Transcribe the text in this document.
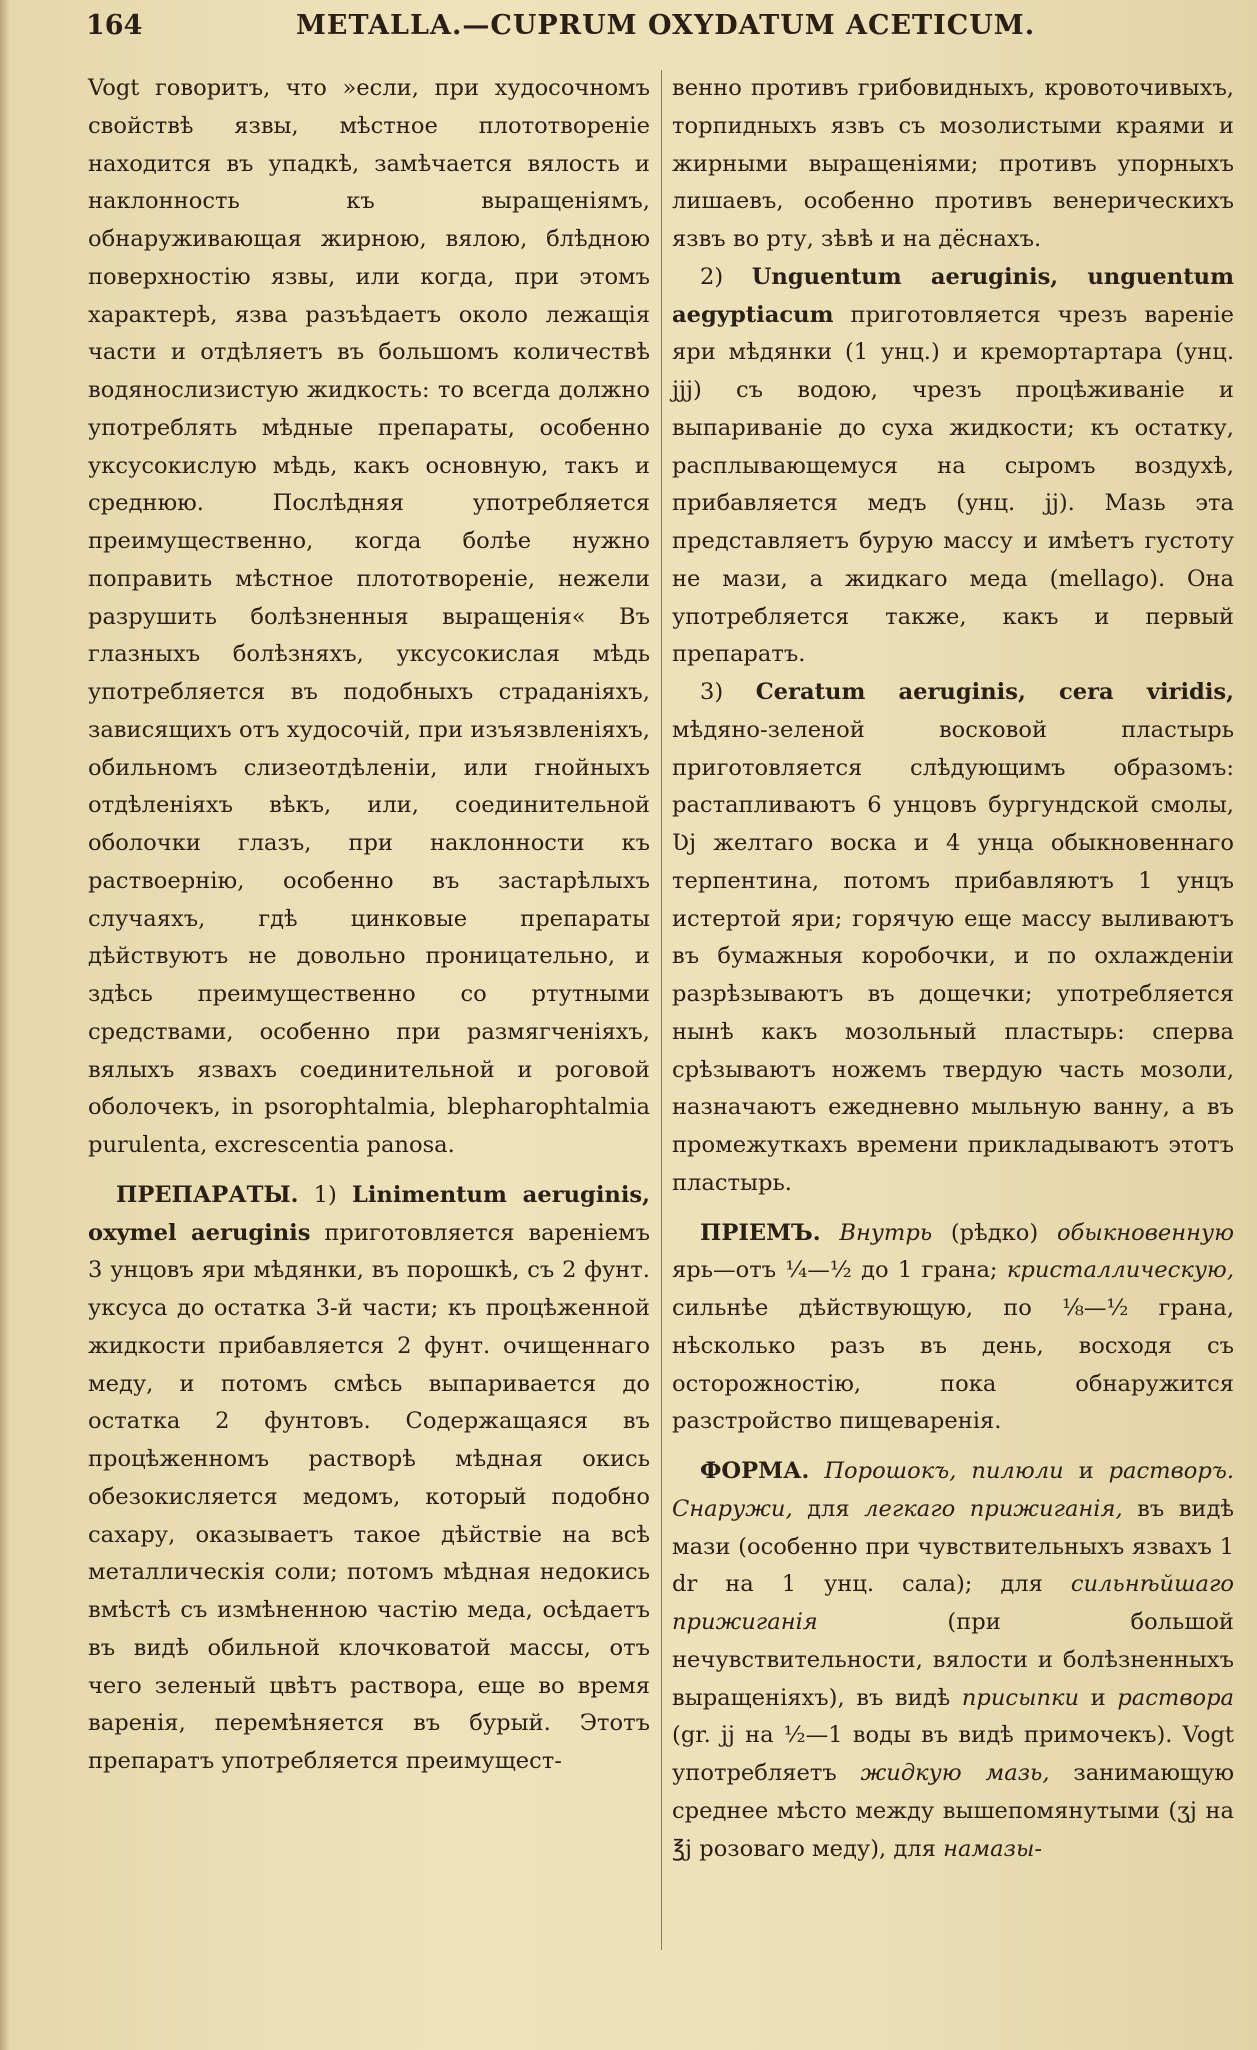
164	METALLA.—CUPRUM OXYDATUM ACETICUM.

Vogt говоритъ, что »если, при худосочномъ свойствѣ язвы, мѣстное плототвореніе находится въ упадкѣ, замѣчается вялость и наклонность къ выращеніямъ, обнаруживающая жирною, вялою, блѣдною поверхностію язвы, или когда, при этомъ характерѣ, язва разъѣдаетъ около лежащія части и отдѣляетъ въ большомъ количествѣ водянослизистую жидкость: то всегда должно употреблять мѣдные препараты, особенно уксусокислую мѣдь, какъ основную, такъ и среднюю. Послѣдняя употребляется преимущественно, когда болѣе нужно поправить мѣстное плототвореніе, нежели разрушить болѣзненныя выращенія« Въ глазныхъ болѣзняхъ, уксусокислая мѣдь употребляется въ подобныхъ страданіяхъ, зависящихъ отъ худосочій, при изъязвленіяхъ, обильномъ слизеотдѣленіи, или гнойныхъ отдѣленіяхъ вѣкъ, или, соединительной оболочки глазъ, при наклонности къ раствоернію, особенно въ застарѣлыхъ случаяхъ, гдѣ цинковые препараты дѣйствуютъ не довольно проницательно, и здѣсь преимущественно со ртутными средствами, особенно при размягченіяхъ, вялыхъ язвахъ соединительной и роговой оболочекъ, in psorophtalmia, blepharophtalmia purulenta, excrescentia panosa.

ПРЕПАРАТЫ. 1) Linimentum aeruginis, oxymel aeruginis приготовляется вареніемъ 3 унцовъ яри мѣдянки, въ порошкѣ, съ 2 фунт. уксуса до остатка 3-й части; къ процѣженной жидкости прибавляется 2 фунт. очищеннаго меду, и потомъ смѣсь выпаривается до остатка 2 фунтовъ. Содержащаяся въ процѣженномъ растворѣ мѣдная окись обезокисляется медомъ, который подобно сахару, оказываетъ такое дѣйствіе на всѣ металлическія соли; потомъ мѣдная недокись вмѣстѣ съ измѣненною частію меда, осѣдаетъ въ видѣ обильной клочковатой массы, отъ чего зеленый цвѣтъ раствора, еще во время варенія, перемѣняется въ бурый. Этотъ препаратъ употребляется преимущест-

венно противъ грибовидныхъ, кровоточивыхъ, торпидныхъ язвъ съ мозолистыми краями и жирными выращеніями; противъ упорныхъ лишаевъ, особенно противъ венерическихъ язвъ во рту, зѣвѣ и на дёснахъ.

2) Unguentum aeruginis, unguentum aegyptiacum приготовляется чрезъ вареніе яри мѣдянки (1 унц.) и кремортартара (унц. jjj) съ водою, чрезъ процѣживаніе и выпариваніе до суха жидкости; къ остатку, расплывающемуся на сыромъ воздухѣ, прибавляется медъ (унц. jj). Мазь эта представляетъ бурую массу и имѣетъ густоту не мази, а жидкаго меда (mellago). Она употребляется также, какъ и первый препаратъ.

3) Ceratum aeruginis, cera viridis, мѣдяно-зеленой восковой пластырь приготовляется слѣдующимъ образомъ: растапливаютъ 6 унцовъ бургундской смолы, Ʋj желтаго воска и 4 унца обыкновеннаго терпентина, потомъ прибавляютъ 1 унцъ истертой яри; горячую еще массу выливаютъ въ бумажныя коробочки, и по охлажденіи разрѣзываютъ въ дощечки; употребляется нынѣ какъ мозольный пластырь: сперва срѣзываютъ ножемъ твердую часть мозоли, назначаютъ ежедневно мыльную ванну, а въ промежуткахъ времени прикладываютъ этотъ пластырь.

ПРІЕМЪ. Внутрь (рѣдко) обыкновенную ярь—отъ ¼—½ до 1 грана; кристаллическую, сильнѣе дѣйствующую, по ⅛—½ грана, нѣсколько разъ въ день, восходя съ осторожностію, пока обнаружится разстройство пищеваренія.

ФОРМА. Порошокъ, пилюли и растворъ. Снаружи, для легкаго прижиганія, въ видѣ мази (особенно при чувствительныхъ язвахъ 1 dr на 1 унц. сала); для сильнѣйшаго прижиганія	(при большой нечувствительности, вялости и болѣзненныхъ выращеніяхъ), въ видѣ присыпки и раствора (gr. jj на ½—1 воды въ видѣ примочекъ). Vogt употребляетъ жидкую мазь, занимающую среднее мѣсто между вышепомянутыми (ʒj на ℥j розоваго меду), для намазы-
